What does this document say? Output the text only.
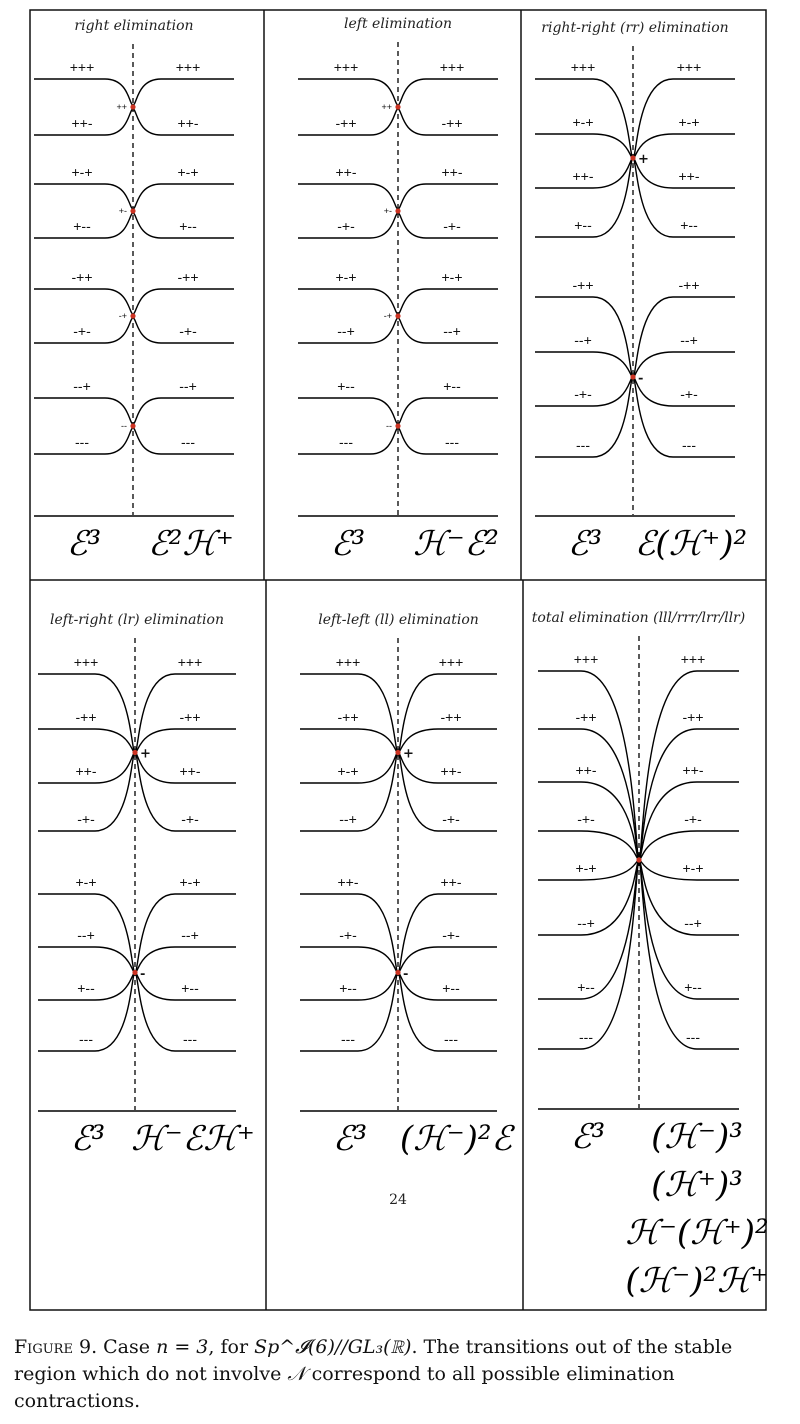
right elimination
+++	+++
++-	++-
++
+-+	+-+
+--	+--
+-
-++	-++
-+-	-+-
-+
--+	--+
---	---
--
ℰ³ ℰ²ℋ⁺
left elimination
+++	+++
-++	-++
++
++-	++-
-+-	-+-
+-
+-+	+-+
--+	--+
-+
+--	+--
---	---
--
ℰ³ ℋ⁻ℰ²
right-right (rr) elimination
+++	+++
+-+	+-+
++-	++-
+--	+--
+
-++	-++
--+	--+
-+-	-+-
---	---
-
ℰ³ ℰ(ℋ⁺)²
left-right (lr) elimination
+++	+++
-++	-++
++-	++-
-+-	-+-
+
+-+	+-+
--+	--+
+--	+--
---	---
-
ℰ³ ℋ⁻ℰℋ⁺
left-left (ll) elimination
+++	+++
-++	-++
+-+	++-
--+	-+-
+
++-	++-
-+-	-+-
+--	+--
---	---
-
ℰ³ (ℋ⁻)²ℰ
total elimination (lll/rrr/lrr/llr)
+++	+++
-++	-++
++-	++-
-+-	-+-
+-+	+-+
--+	--+
+--	+--
---	---
ℰ³ (ℋ⁻)³
(ℋ⁺)³
ℋ⁻(ℋ⁺)²
(ℋ⁻)²ℋ⁺
24
Figure 9. Case n = 3, for Sp^𝓘(6)//GL₃(ℝ). The transitions out of the stable region which do not involve 𝒩 correspond to all possible elimination contractions.
